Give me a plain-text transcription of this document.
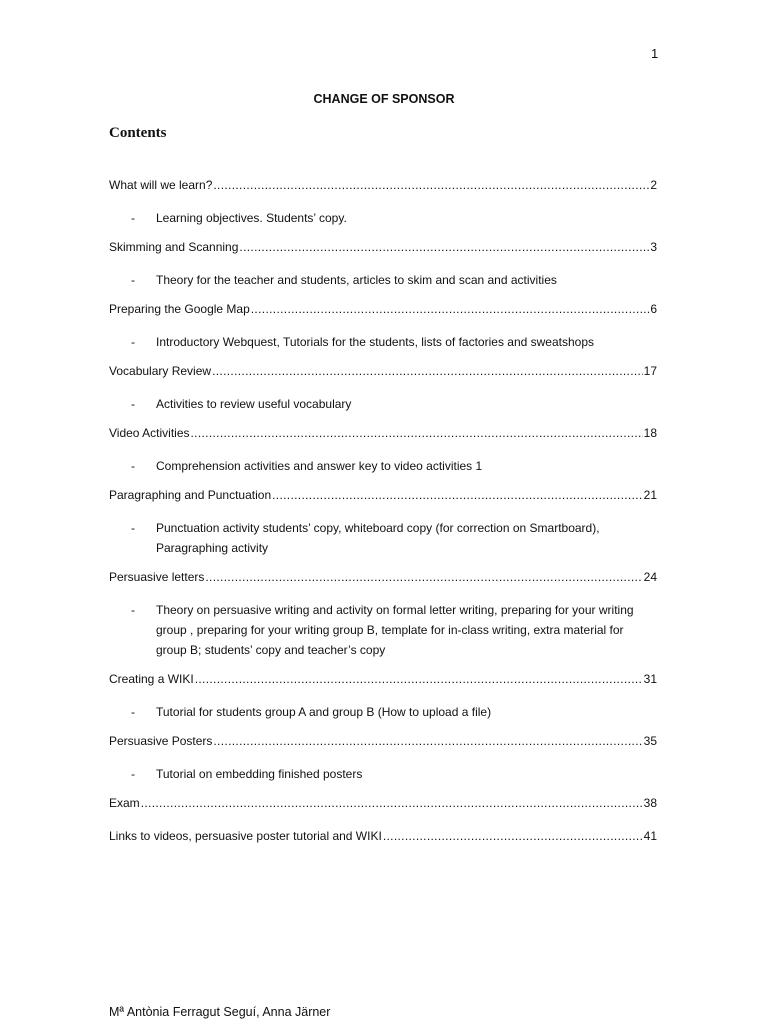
1
CHANGE OF SPONSOR
Contents
What will we learn? . . .	2
-	Learning objectives. Students’ copy.
Skimming and Scanning . . .	3
-	Theory for the teacher and students, articles to skim and scan and activities
Preparing the Google Map . . .	6
-	Introductory Webquest, Tutorials for the students, lists of factories and sweatshops
Vocabulary Review . . .	17
-	Activities to review useful vocabulary
Video Activities . . .	18
-	Comprehension activities and answer key to video activities 1
Paragraphing and Punctuation . . .	21
-	Punctuation activity students’ copy, whiteboard copy (for correction on Smartboard), Paragraphing activity
Persuasive letters . . .	24
-	Theory on persuasive writing and activity on formal letter writing, preparing for your writing group , preparing for your writing group B, template for in-class writing, extra material for group B; students’ copy and teacher’s copy
Creating a WIKI . . .	31
-	Tutorial for students group A and group B (How to upload a file)
Persuasive Posters . . .	35
-	Tutorial on embedding finished posters
Exam . . .	38
Links to videos, persuasive poster tutorial and WIKI . . .	41
Mª Antònia Ferragut Seguí, Anna Järner
